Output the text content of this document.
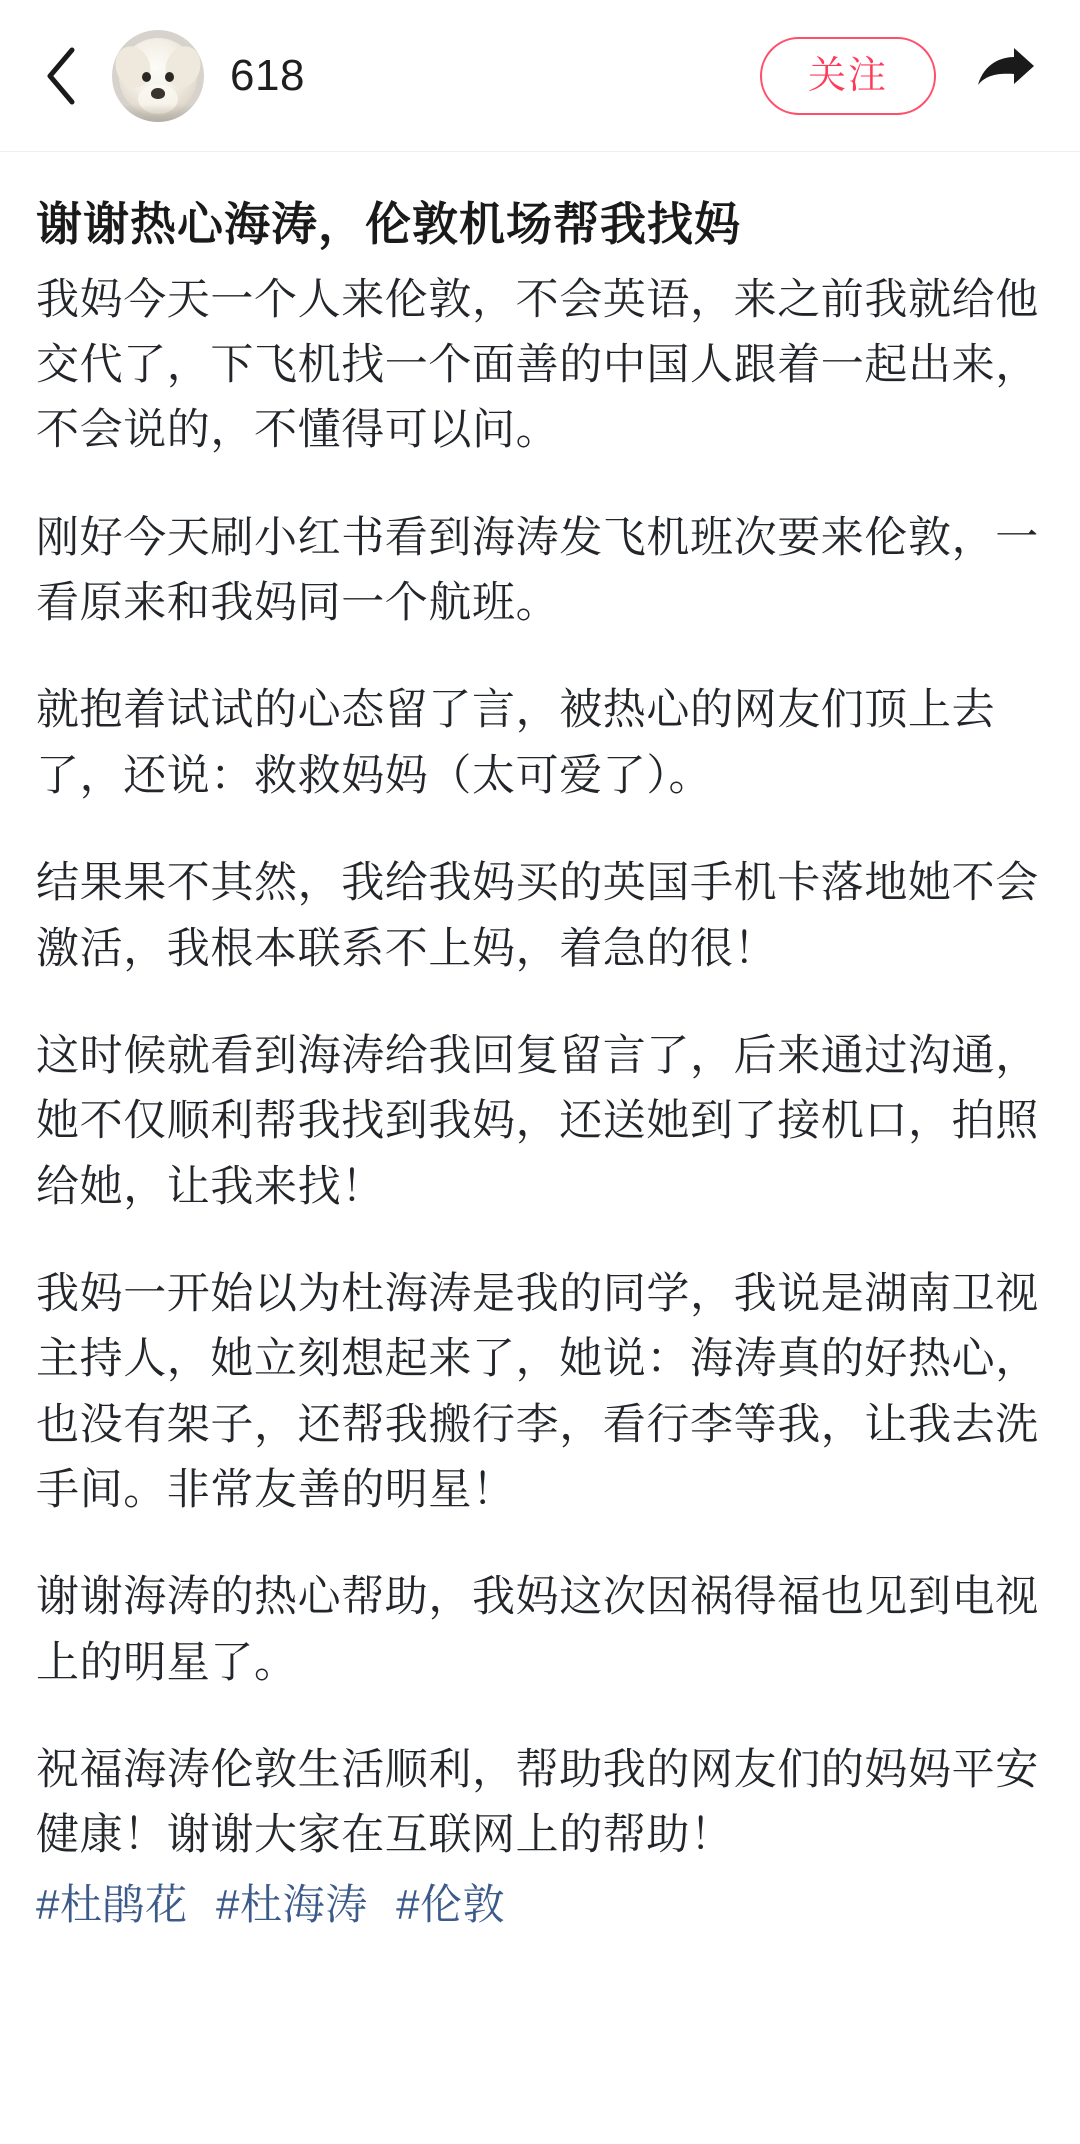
618	关注
谢谢热心海涛，伦敦机场帮我找妈

我妈今天一个人来伦敦，不会英语，来之前我就给他交代了，下飞机找一个面善的中国人跟着一起出来，不会说的，不懂得可以问。

刚好今天刷小红书看到海涛发飞机班次要来伦敦，一看原来和我妈同一个航班。

就抱着试试的心态留了言，被热心的网友们顶上去了，还说：救救妈妈（太可爱了）。

结果果不其然，我给我妈买的英国手机卡落地她不会激活，我根本联系不上妈，着急的很！

这时候就看到海涛给我回复留言了，后来通过沟通，她不仅顺利帮我找到我妈，还送她到了接机口，拍照给她，让我来找！

我妈一开始以为杜海涛是我的同学，我说是湖南卫视主持人，她立刻想起来了，她说：海涛真的好热心，也没有架子，还帮我搬行李，看行李等我，让我去洗手间。非常友善的明星！

谢谢海涛的热心帮助，我妈这次因祸得福也见到电视上的明星了。

祝福海涛伦敦生活顺利，帮助我的网友们的妈妈平安健康！谢谢大家在互联网上的帮助！

#杜鹃花 #杜海涛 #伦敦
